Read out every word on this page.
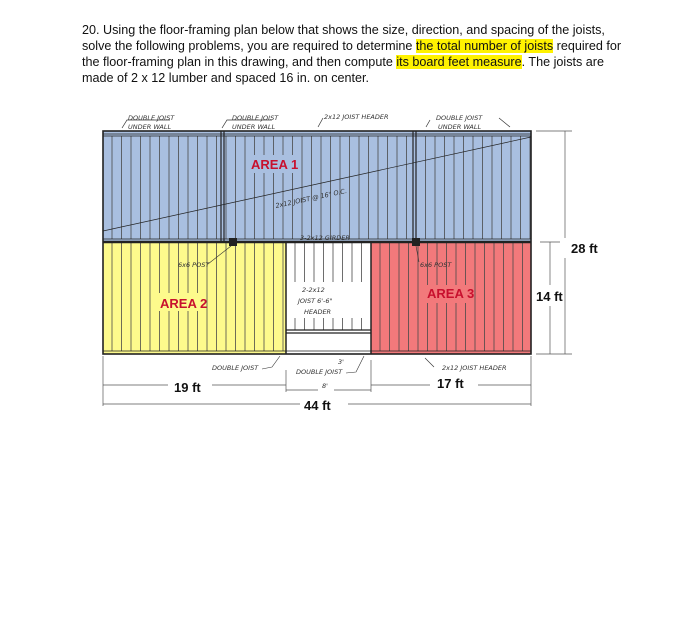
20. Using the floor-framing plan below that shows the size, direction, and spacing of the joists, solve the following problems, you are required to determine the total number of joists required for the floor-framing plan in this drawing, and then compute its board feet measure. The joists are made of 2 x 12 lumber and spaced 16 in. on center.
DOUBLE JOIST
UNDER WALL
DOUBLE JOIST
UNDER WALL
2x12 JOIST HEADER	DOUBLE JOIST
UNDER WALL
AREA 1
AREA 2
AREA 3
2x12 JOIST @ 16" O.C.
3-2x12 GIRDER
6x6 POST	6x6 POST
2-2x12
JOIST 6'-6"
HEADER
DOUBLE JOIST	DOUBLE JOIST
3'
8'
2x12 JOIST HEADER
19 ft	17 ft
44 ft
28 ft
14 ft
